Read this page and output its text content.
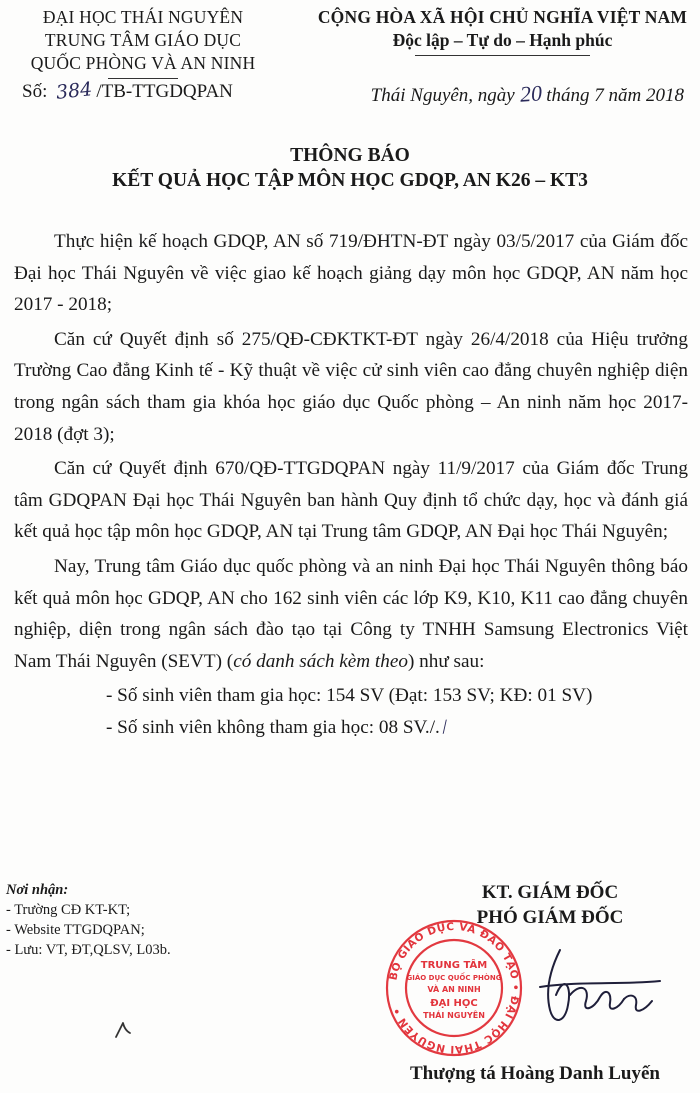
ĐẠI HỌC THÁI NGUYÊN
TRUNG TÂM GIÁO DỤC
QUỐC PHÒNG VÀ AN NINH
CỘNG HÒA XÃ HỘI CHỦ NGHĨA VIỆT NAM
Độc lập – Tự do – Hạnh phúc
Số: 384 /TB-TTGDQPAN	Thái Nguyên, ngày 20 tháng 7 năm 2018
THÔNG BÁO
KẾT QUẢ HỌC TẬP MÔN HỌC GDQP, AN K26 – KT3

Thực hiện kế hoạch GDQP, AN số 719/ĐHTN-ĐT ngày 03/5/2017 của Giám đốc Đại học Thái Nguyên về việc giao kế hoạch giảng dạy môn học GDQP, AN năm học 2017 - 2018;

Căn cứ Quyết định số 275/QĐ-CĐKTKT-ĐT ngày 26/4/2018 của Hiệu trưởng Trường Cao đẳng Kinh tế - Kỹ thuật về việc cử sinh viên cao đẳng chuyên nghiệp diện trong ngân sách tham gia khóa học giáo dục Quốc phòng – An ninh năm học 2017-2018 (đợt 3);

Căn cứ Quyết định 670/QĐ-TTGDQPAN ngày 11/9/2017 của Giám đốc Trung tâm GDQPAN Đại học Thái Nguyên ban hành Quy định tổ chức dạy, học và đánh giá kết quả học tập môn học GDQP, AN tại Trung tâm GDQP, AN Đại học Thái Nguyên;

Nay, Trung tâm Giáo dục quốc phòng và an ninh Đại học Thái Nguyên thông báo kết quả môn học GDQP, AN cho 162 sinh viên các lớp K9, K10, K11 cao đẳng chuyên nghiệp, diện trong ngân sách đào tạo tại Công ty TNHH Samsung Electronics Việt Nam Thái Nguyên (SEVT) (có danh sách kèm theo) như sau:

- Số sinh viên tham gia học: 154 SV (Đạt: 153 SV; KĐ: 01 SV)
- Số sinh viên không tham gia học: 08 SV././
Nơi nhận:
- Trường CĐ KT-KT;
- Website TTGDQPAN;
- Lưu: VT, ĐT,QLSV, L03b.
KT. GIÁM ĐỐC
PHÓ GIÁM ĐỐC
BỘ GIÁO DỤC VÀ ĐÀO TẠO • ĐẠI HỌC THÁI NGUYÊN •
TRUNG TÂM
GIÁO DỤC QUỐC PHÒNG
VÀ AN NINH
ĐẠI HỌC
THÁI NGUYÊN
Thượng tá Hoàng Danh Luyến
